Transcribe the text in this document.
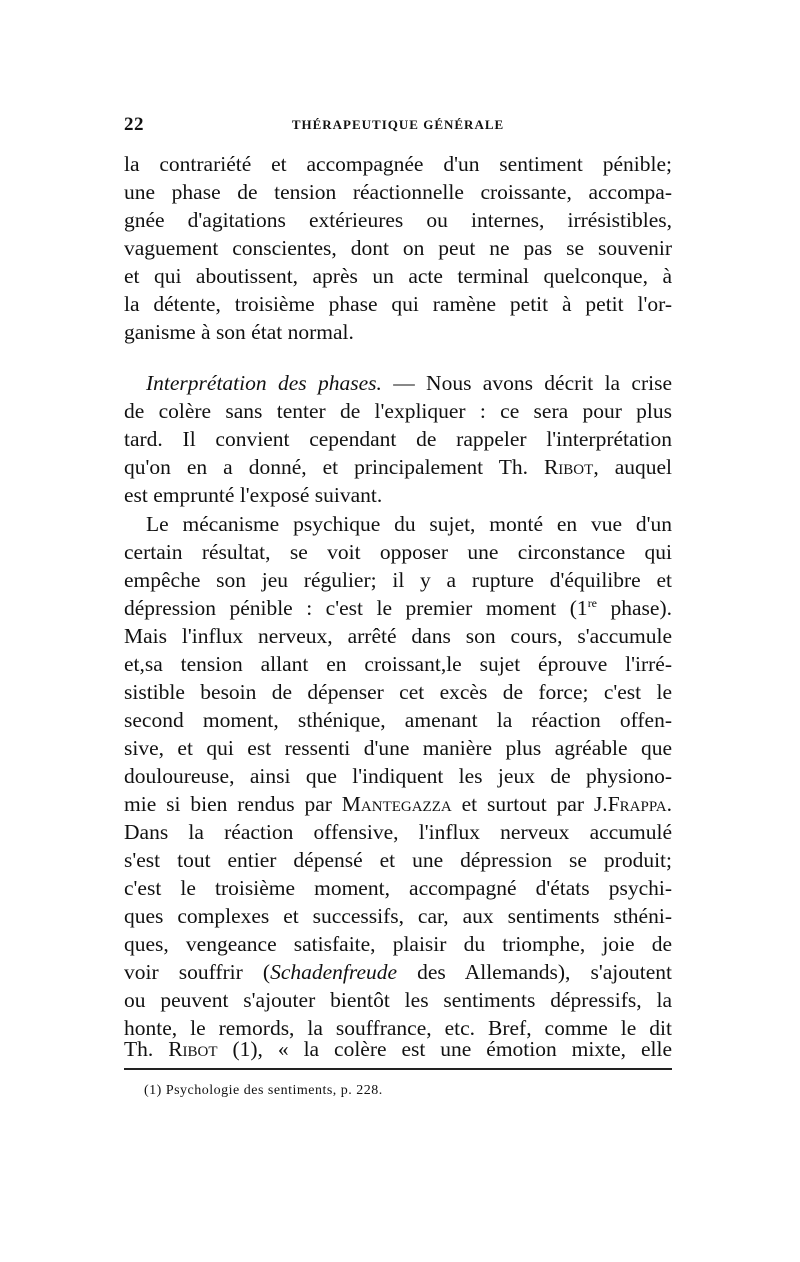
22	THÉRAPEUTIQUE GÉNÉRALE
la contrariété et accompagnée d'un sentiment pénible;
une phase de tension réactionnelle croissante, accompa-
gnée d'agitations extérieures ou internes, irrésistibles,
vaguement conscientes, dont on peut ne pas se souvenir
et qui aboutissent, après un acte terminal quelconque, à
la détente, troisième phase qui ramène petit à petit l'or-
ganisme à son état normal.
Interprétation des phases. — Nous avons décrit la crise
de colère sans tenter de l'expliquer : ce sera pour plus
tard. Il convient cependant de rappeler l'interprétation
qu'on en a donné, et principalement Th. Ribot, auquel
est emprunté l'exposé suivant.
Le mécanisme psychique du sujet, monté en vue d'un
certain résultat, se voit opposer une circonstance qui
empêche son jeu régulier; il y a rupture d'équilibre et
dépression pénible : c'est le premier moment (1re phase).
Mais l'influx nerveux, arrêté dans son cours, s'accumule
et,sa tension allant en croissant,le sujet éprouve l'irré-
sistible besoin de dépenser cet excès de force; c'est le
second moment, sthénique, amenant la réaction offen-
sive, et qui est ressenti d'une manière plus agréable que
douloureuse, ainsi que l'indiquent les jeux de physiono-
mie si bien rendus par Mantegazza et surtout par J.Frappa.
Dans la réaction offensive, l'influx nerveux accumulé
s'est tout entier dépensé et une dépression se produit;
c'est le troisième moment, accompagné d'états psychi-
ques complexes et successifs, car, aux sentiments sthéni-
ques, vengeance satisfaite, plaisir du triomphe, joie de
voir souffrir (Schadenfreude des Allemands), s'ajoutent
ou peuvent s'ajouter bientôt les sentiments dépressifs, la
honte, le remords, la souffrance, etc. Bref, comme le dit
Th. Ribot (1), « la colère est une émotion mixte, elle
(1) Psychologie des sentiments, p. 228.
